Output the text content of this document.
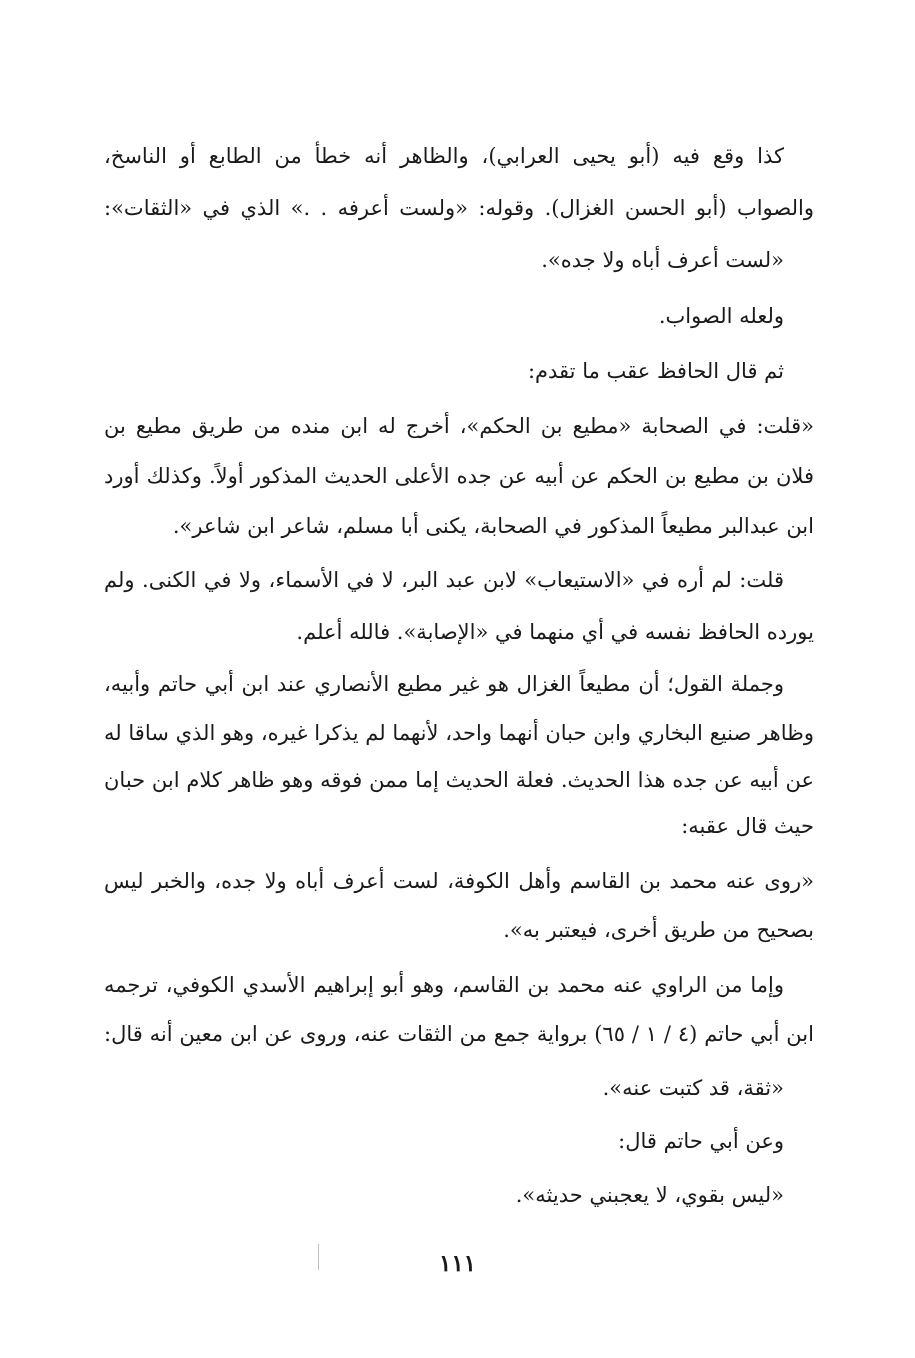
كذا وقع فيه (أبو يحيى العرابي)، والظاهر أنه خطأ من الطابع أو الناسخ،
والصواب (أبو الحسن الغزال). وقوله: «ولست أعرفه . .» الذي في «الثقات»:
«لست أعرف أباه ولا جده».
ولعله الصواب.
ثم قال الحافظ عقب ما تقدم:
«قلت: في الصحابة «مطيع بن الحكم»، أخرج له ابن منده من طريق مطيع بن
فلان بن مطيع بن الحكم عن أبيه عن جده الأعلى الحديث المذكور أولاً. وكذلك أورد
ابن عبدالبر مطيعاً المذكور في الصحابة، يكنى أبا مسلم، شاعر ابن شاعر».
قلت: لم أره في «الاستيعاب» لابن عبد البر، لا في الأسماء، ولا في الكنى. ولم
يورده الحافظ نفسه في أي منهما في «الإصابة». فالله أعلم.
وجملة القول؛ أن مطيعاً الغزال هو غير مطيع الأنصاري عند ابن أبي حاتم وأبيه،
وظاهر صنيع البخاري وابن حبان أنهما واحد، لأنهما لم يذكرا غيره، وهو الذي ساقا له
عن أبيه عن جده هذا الحديث. فعلة الحديث إما ممن فوقه وهو ظاهر كلام ابن حبان
حيث قال عقبه:
«روى عنه محمد بن القاسم وأهل الكوفة، لست أعرف أباه ولا جده، والخبر ليس
بصحيح من طريق أخرى، فيعتبر به».
وإما من الراوي عنه محمد بن القاسم، وهو أبو إبراهيم الأسدي الكوفي، ترجمه
ابن أبي حاتم (٤ / ١ / ٦٥) برواية جمع من الثقات عنه، وروى عن ابن معين أنه قال:
«ثقة، قد كتبت عنه».
وعن أبي حاتم قال:
«ليس بقوي، لا يعجبني حديثه».
١١١
